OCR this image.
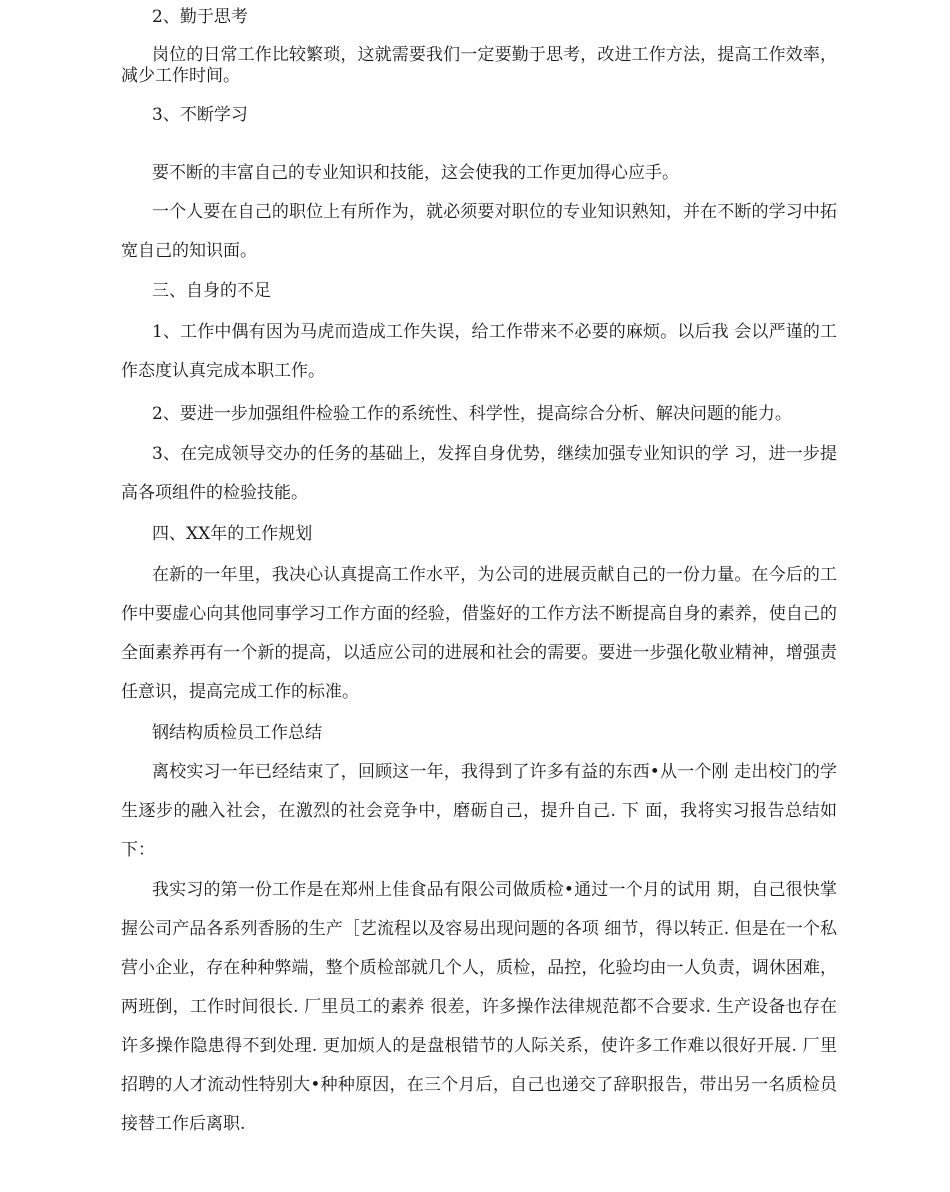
2、勤于思考

岗位的日常工作比较繁琐，这就需要我们一定要勤于思考，改进工作方法，提高工作效率，减少工作时间。

3、不断学习

要不断的丰富自己的专业知识和技能，这会使我的工作更加得心应手。

一个人要在自己的职位上有所作为，就必须要对职位的专业知识熟知，并在不断的学习中拓宽自己的知识面。

三、自身的不足

1、工作中偶有因为马虎而造成工作失误，给工作带来不必要的麻烦。以后我 会以严谨的工作态度认真完成本职工作。

2、要进一步加强组件检验工作的系统性、科学性，提高综合分析、解决问题的能力。

3、在完成领导交办的任务的基础上，发挥自身优势，继续加强专业知识的学 习，进一步提高各项组件的检验技能。

四、XX年的工作规划

在新的一年里，我决心认真提高工作水平，为公司的进展贡献自己的一份力量。在今后的工作中要虚心向其他同事学习工作方面的经验，借鉴好的工作方法不断提高自身的素养，使自己的全面素养再有一个新的提高，以适应公司的进展和社会的需要。要进一步强化敬业精神，增强责任意识，提高完成工作的标准。

钢结构质检员工作总结

离校实习一年已经结束了，回顾这一年，我得到了许多有益的东西•从一个刚 走出校门的学生逐步的融入社会，在激烈的社会竞争中，磨砺自己，提升自己. 下 面，我将实习报告总结如下：

我实习的第一份工作是在郑州上佳食品有限公司做质检•通过一个月的试用 期，自己很快掌握公司产品各系列香肠的生产［艺流程以及容易出现问题的各项 细节，得以转正. 但是在一个私营小企业，存在种种弊端，整个质检部就几个人，质检，品控，化验均由一人负责，调休困难，两班倒，工作时间很长. 厂里员工的素养 很差，许多操作法律规范都不合要求. 生产设备也存在许多操作隐患得不到处理. 更加烦人的是盘根错节的人际关系，使许多工作难以很好开展. 厂里招聘的人才流动性特别大•种种原因，在三个月后，自己也递交了辞职报告，带出另一名质检员接替工作后离职.
